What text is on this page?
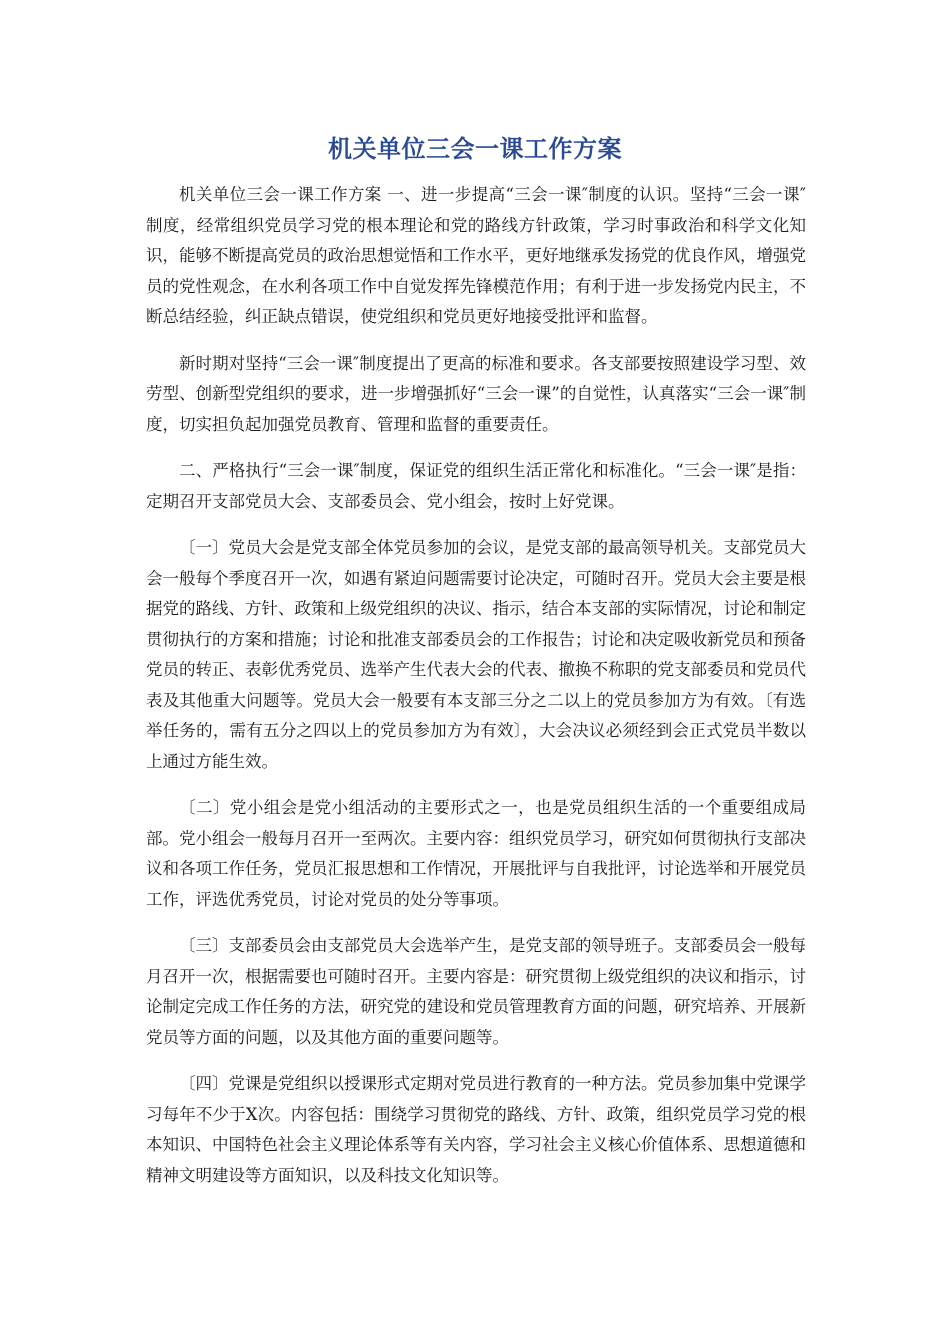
机关单位三会一课工作方案

机关单位三会一课工作方案 一、进一步提高“三会一课″制度的认识。坚持“三会一课″制度，经常组织党员学习党的根本理论和党的路线方针政策，学习时事政治和科学文化知识，能够不断提高党员的政治思想觉悟和工作水平，更好地继承发扬党的优良作风，增强党员的党性观念，在水利各项工作中自觉发挥先锋模范作用；有利于进一步发扬党内民主，不断总结经验，纠正缺点错误，使党组织和党员更好地接受批评和监督。

新时期对坚持“三会一课″制度提出了更高的标准和要求。各支部要按照建设学习型、效劳型、创新型党组织的要求，进一步增强抓好“三会一课”的自觉性，认真落实“三会一课″制度，切实担负起加强党员教育、管理和监督的重要责任。

二、严格执行“三会一课″制度，保证党的组织生活正常化和标准化。“三会一课″是指：定期召开支部党员大会、支部委员会、党小组会，按时上好党课。

〔一〕党员大会是党支部全体党员参加的会议，是党支部的最高领导机关。支部党员大会一般每个季度召开一次，如遇有紧迫问题需要讨论决定，可随时召开。党员大会主要是根据党的路线、方针、政策和上级党组织的决议、指示，结合本支部的实际情况，讨论和制定贯彻执行的方案和措施；讨论和批准支部委员会的工作报告；讨论和决定吸收新党员和预备党员的转正、表彰优秀党员、选举产生代表大会的代表、撤换不称职的党支部委员和党员代表及其他重大问题等。党员大会一般要有本支部三分之二以上的党员参加方为有效。〔有选举任务的，需有五分之四以上的党员参加方为有效〕，大会决议必须经到会正式党员半数以上通过方能生效。

〔二〕党小组会是党小组活动的主要形式之一，也是党员组织生活的一个重要组成局部。党小组会一般每月召开一至两次。主要内容：组织党员学习，研究如何贯彻执行支部决议和各项工作任务，党员汇报思想和工作情况，开展批评与自我批评，讨论选举和开展党员工作，评选优秀党员，讨论对党员的处分等事项。

〔三〕支部委员会由支部党员大会选举产生，是党支部的领导班子。支部委员会一般每月召开一次，根据需要也可随时召开。主要内容是：研究贯彻上级党组织的决议和指示，讨论制定完成工作任务的方法，研究党的建设和党员管理教育方面的问题，研究培养、开展新党员等方面的问题，以及其他方面的重要问题等。

〔四〕党课是党组织以授课形式定期对党员进行教育的一种方法。党员参加集中党课学习每年不少于X次。内容包括：围绕学习贯彻党的路线、方针、政策，组织党员学习党的根本知识、中国特色社会主义理论体系等有关内容，学习社会主义核心价值体系、思想道德和精神文明建设等方面知识，以及科技文化知识等。
